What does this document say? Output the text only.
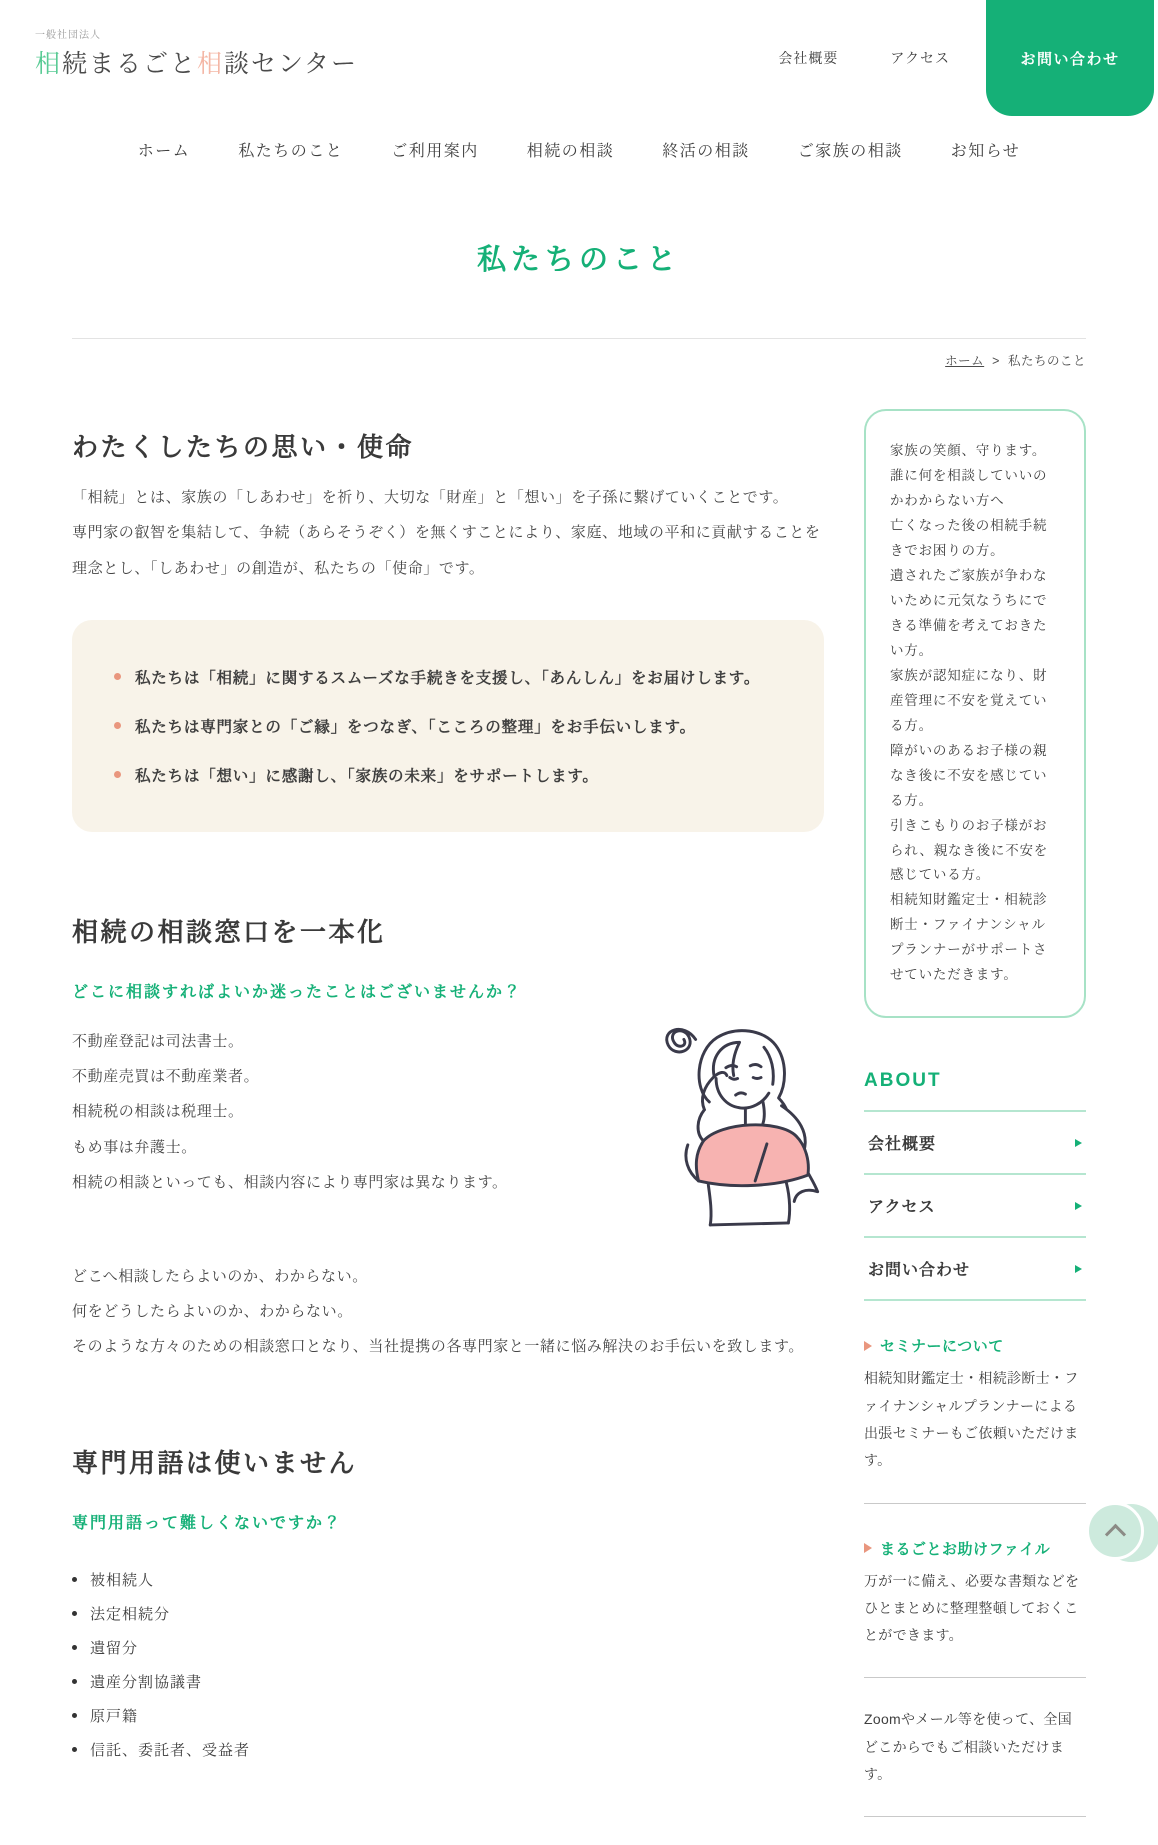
一般社団法人
相続まるごと相談センター	会社概要	アクセス	お問い合わせ
ホーム	私たちのこと	ご利用案内	相続の相談	終活の相談	ご家族の相談	お知らせ
私たちのこと
ホーム > 私たちのこと
わたくしたちの思い・使命

「相続」とは、家族の「しあわせ」を祈り、大切な「財産」と「想い」を子孫に繋げていくことです。
専門家の叡智を集結して、争続（あらそうぞく）を無くすことにより、家庭、地域の平和に貢献することを理念とし、「しあわせ」の創造が、私たちの「使命」です。

私たちは「相続」に関するスムーズな手続きを支援し、「あんしん」をお届けします。
私たちは専門家との「ご縁」をつなぎ、「こころの整理」をお手伝いします。
私たちは「想い」に感謝し、「家族の未来」をサポートします。
相続の相談窓口を一本化

どこに相談すればよいか迷ったことはございませんか？

不動産登記は司法書士。
不動産売買は不動産業者。
相続税の相談は税理士。
もめ事は弁護士。
相続の相談といっても、相談内容により専門家は異なります。

どこへ相談したらよいのか、わからない。
何をどうしたらよいのか、わからない。
そのような方々のための相談窓口となり、当社提携の各専門家と一緒に悩み解決のお手伝いを致します。

専門用語は使いません

専門用語って難しくないですか？

被相続人
法定相続分
遺留分
遺産分割協議書
原戸籍
信託、委託者、受益者
家族の笑顔、守ります。
誰に何を相談していいのかわからない方へ
亡くなった後の相続手続きでお困りの方。
遺されたご家族が争わないために元気なうちにできる準備を考えておきたい方。
家族が認知症になり、財産管理に不安を覚えている方。
障がいのあるお子様の親なき後に不安を感じている方。
引きこもりのお子様がおられ、親なき後に不安を感じている方。
相続知財鑑定士・相続診断士・ファイナンシャルプランナーがサポートさせていただきます。
ABOUT
会社概要
アクセス
お問い合わせ
セミナーについて

相続知財鑑定士・相続診断士・ファイナンシャルプランナーによる出張セミナーもご依頼いただけます。

まるごとお助けファイル

万が一に備え、必要な書類などをひとまとめに整理整頓しておくことができます。

Zoomやメール等を使って、全国どこからでもご相談いただけます。
